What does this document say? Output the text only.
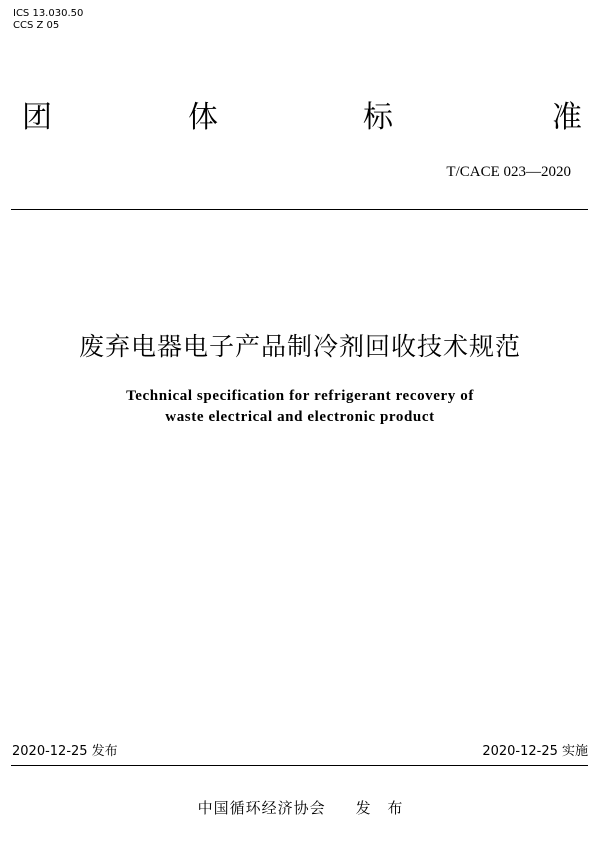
ICS 13.030.50
CCS Z 05
团	体	标	准
T/CACE 023—2020
废弃电器电子产品制冷剂回收技术规范
Technical specification for refrigerant recovery of
waste electrical and electronic product
2020-12-25 发布	2020-12-25 实施
中国循环经济协会 发 布
